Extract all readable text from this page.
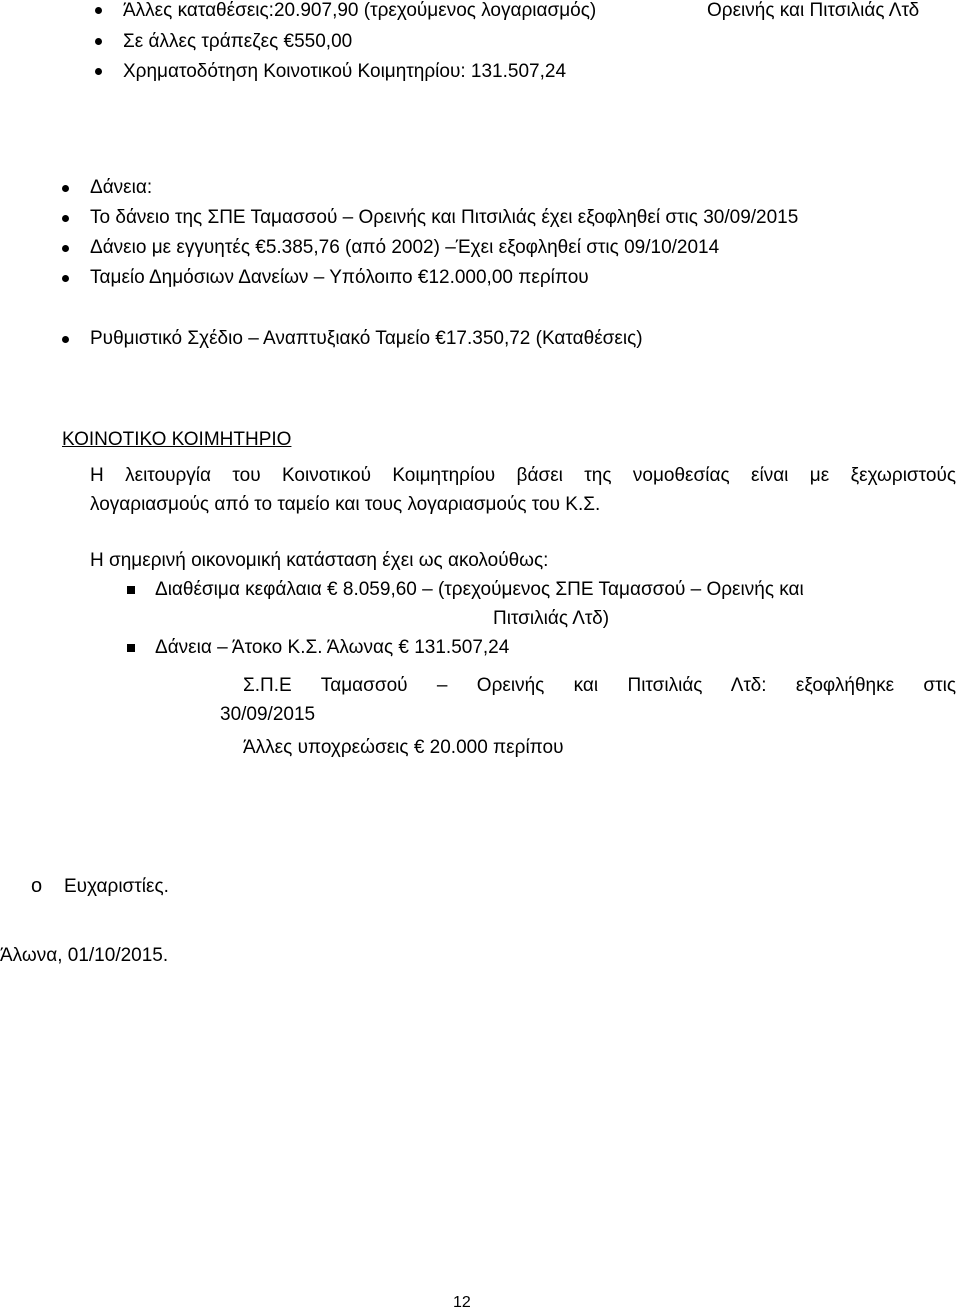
Άλλες καταθέσεις:20.907,90 (τρεχούμενος λογαριασμός)	Ορεινής και Πιτσιλιάς Λτδ
Σε άλλες τράπεζες €550,00
Χρηματοδότηση Κοινοτικού Κοιμητηρίου: 131.507,24
Δάνεια:
Το δάνειο της ΣΠΕ Ταμασσού – Ορεινής και Πιτσιλιάς έχει εξοφληθεί στις 30/09/2015
Δάνειο με εγγυητές €5.385,76 (από 2002) –Έχει εξοφληθεί στις 09/10/2014
Ταμείο Δημόσιων Δανείων – Υπόλοιπο €12.000,00 περίπου
Ρυθμιστικό Σχέδιο – Αναπτυξιακό Ταμείο €17.350,72 (Καταθέσεις)
ΚΟΙΝΟΤΙΚΟ ΚΟΙΜΗΤΗΡΙΟ
Η λειτουργία του Κοινοτικού Κοιμητηρίου βάσει της νομοθεσίας είναι με ξεχωριστούς
λογαριασμούς από το ταμείο και τους λογαριασμούς του Κ.Σ.
Η σημερινή οικονομική κατάσταση έχει ως ακολούθως:
Διαθέσιμα κεφάλαια € 8.059,60 – (τρεχούμενος ΣΠΕ Ταμασσού – Ορεινής και
Πιτσιλιάς Λτδ)
Δάνεια – Άτοκο Κ.Σ. Άλωνας € 131.507,24
Σ.Π.Ε Ταμασσού – Ορεινής και Πιτσιλιάς Λτδ: εξοφλήθηκε στις
30/09/2015
Άλλες υποχρεώσεις € 20.000 περίπου
o Ευχαριστίες.
Άλωνα, 01/10/2015.
12
